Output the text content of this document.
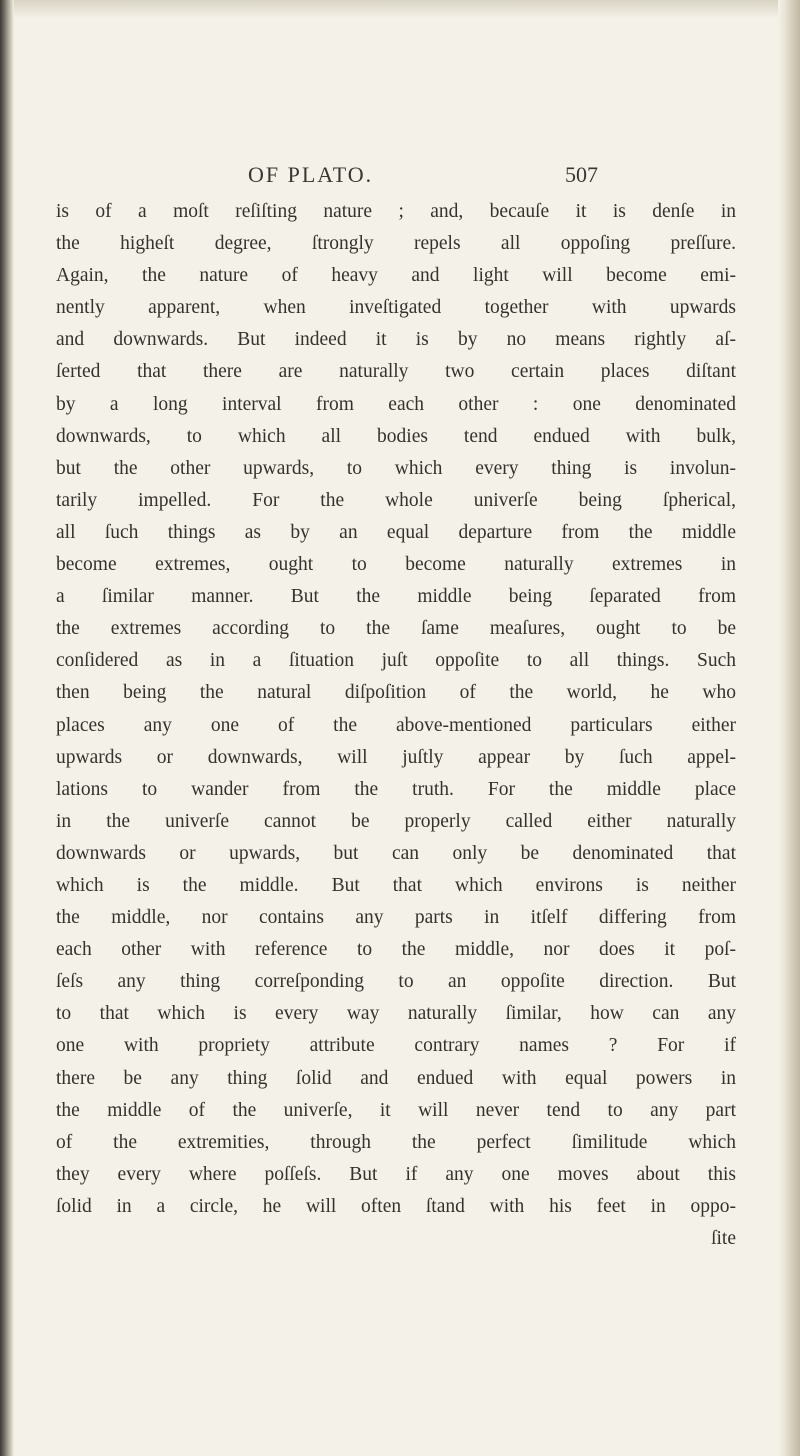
OF PLATO.	507
is of a moſt reſiſting nature ; and, becauſe it is denſe in
the higheſt degree, ſtrongly repels all oppoſing preſſure.
Again, the nature of heavy and light will become emi-
nently apparent, when inveſtigated together with upwards
and downwards. But indeed it is by no means rightly aſ-
ſerted that there are naturally two certain places diſtant
by a long interval from each other : one denominated
downwards, to which all bodies tend endued with bulk,
but the other upwards, to which every thing is involun-
tarily impelled. For the whole univerſe being ſpherical,
all ſuch things as by an equal departure from the middle
become extremes, ought to become naturally extremes in
a ſimilar manner. But the middle being ſeparated from
the extremes according to the ſame meaſures, ought to be
conſidered as in a ſituation juſt oppoſite to all things. Such
then being the natural diſpoſition of the world, he who
places any one of the above-mentioned particulars either
upwards or downwards, will juſtly appear by ſuch appel-
lations to wander from the truth. For the middle place
in the univerſe cannot be properly called either naturally
downwards or upwards, but can only be denominated that
which is the middle. But that which environs is neither
the middle, nor contains any parts in itſelf differing from
each other with reference to the middle, nor does it poſ-
ſeſs any thing correſponding to an oppoſite direction. But
to that which is every way naturally ſimilar, how can any
one with propriety attribute contrary names ? For if
there be any thing ſolid and endued with equal powers in
the middle of the univerſe, it will never tend to any part
of the extremities, through the perfect ſimilitude which
they every where poſſeſs. But if any one moves about this
ſolid in a circle, he will often ſtand with his feet in oppo-
ſite
